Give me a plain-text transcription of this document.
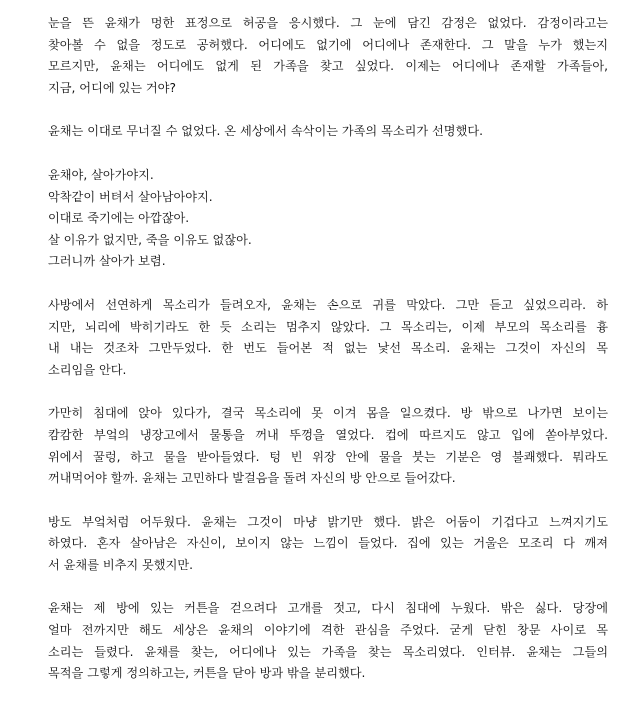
눈을 뜬 윤채가 멍한 표정으로 허공을 응시했다. 그 눈에 담긴 감정은 없었다. 감정이라고는
찾아볼 수 없을 정도로 공허했다. 어디에도 없기에 어디에나 존재한다. 그 말을 누가 했는지
모르지만, 윤채는 어디에도 없게 된 가족을 찾고 싶었다. 이제는 어디에나 존재할 가족들아,
지금, 어디에 있는 거야?
윤채는 이대로 무너질 수 없었다. 온 세상에서 속삭이는 가족의 목소리가 선명했다.
윤채야, 살아가야지.
악착같이 버텨서 살아남아야지.
이대로 죽기에는 아깝잖아.
살 이유가 없지만, 죽을 이유도 없잖아.
그러니까 살아가 보렴.
사방에서 선연하게 목소리가 들려오자, 윤채는 손으로 귀를 막았다. 그만 듣고 싶었으리라. 하
지만, 뇌리에 박히기라도 한 듯 소리는 멈추지 않았다. 그 목소리는, 이제 부모의 목소리를 흉
내 내는 것조차 그만두었다. 한 번도 들어본 적 없는 낯선 목소리. 윤채는 그것이 자신의 목
소리임을 안다.
가만히 침대에 앉아 있다가, 결국 목소리에 못 이겨 몸을 일으켰다. 방 밖으로 나가면 보이는
캄캄한 부엌의 냉장고에서 물통을 꺼내 뚜껑을 열었다. 컵에 따르지도 않고 입에 쏟아부었다.
위에서 꿀렁, 하고 물을 받아들였다. 텅 빈 위장 안에 물을 붓는 기분은 영 불쾌했다. 뭐라도
꺼내먹어야 할까. 윤채는 고민하다 발걸음을 돌려 자신의 방 안으로 들어갔다.
방도 부엌처럼 어두웠다. 윤채는 그것이 마냥 밝기만 했다. 밝은 어둠이 기겁다고 느껴지기도
하였다. 혼자 살아남은 자신이, 보이지 않는 느낌이 들었다. 집에 있는 거울은 모조리 다 깨져
서 윤채를 비추지 못했지만.
윤채는 제 방에 있는 커튼을 걷으려다 고개를 젓고, 다시 침대에 누웠다. 밖은 싫다. 당장에
얼마 전까지만 해도 세상은 윤채의 이야기에 격한 관심을 주었다. 굳게 닫힌 창문 사이로 목
소리는 들렸다. 윤채를 찾는, 어디에나 있는 가족을 찾는 목소리였다. 인터뷰. 윤채는 그들의
목적을 그렇게 정의하고는, 커튼을 닫아 방과 밖을 분리했다.
